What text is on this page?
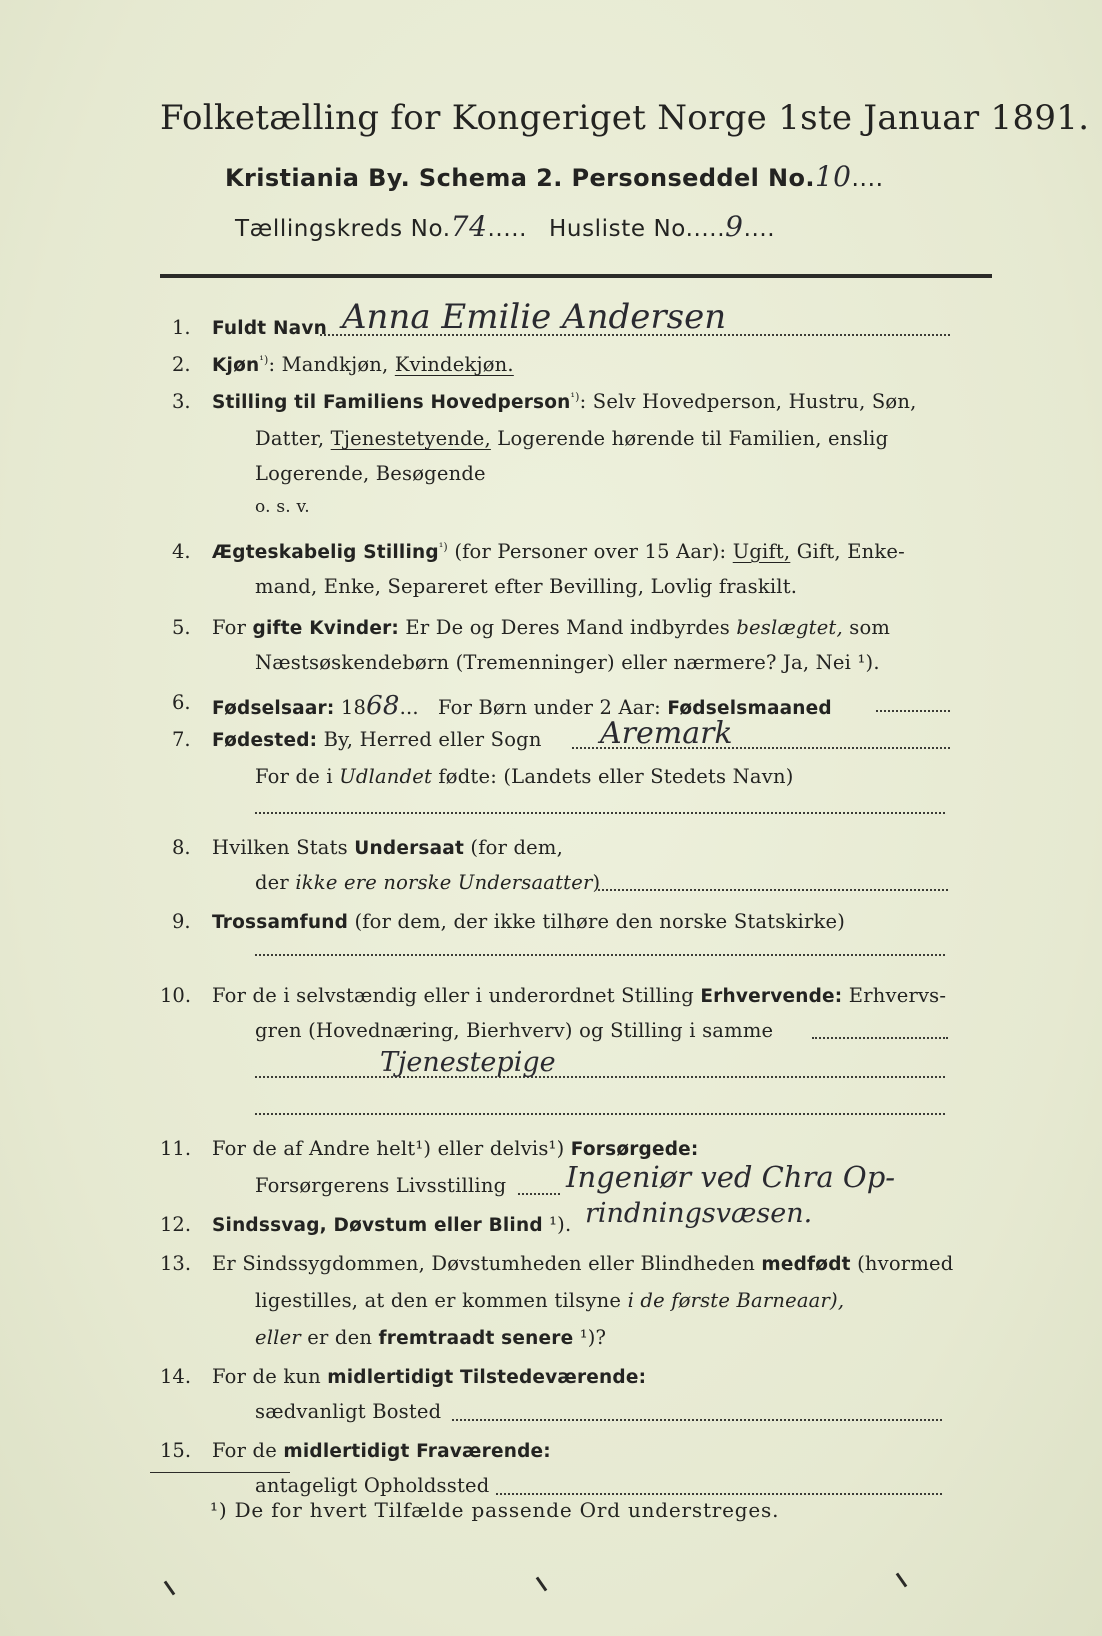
Folketælling for Kongeriget Norge 1ste Januar 1891.
Kristiania By. Schema 2. Personseddel No.10....
Tællingskreds No.74..... Husliste No.....9....
1. Fuldt Navn Anna Emilie Andersen
2. Kjøn$^{^1)}$: Mandkjøn, Kvindekjøn.
3. Stilling til Familiens Hovedperson$^{^1)}$: Selv Hovedperson, Hustru, Søn,
Datter, Tjenestetyende, Logerende hørende til Familien, enslig
Logerende, Besøgende
o. s. v.
4. Ægteskabelig Stilling$^{^1)}$ (for Personer over 15 Aar): Ugift, Gift, Enke-
mand, Enke, Separeret efter Bevilling, Lovlig fraskilt.
5. For gifte Kvinder: Er De og Deres Mand indbyrdes beslægtet, som
Næstsøskendebørn (Tremenninger) eller nærmere? Ja, Nei ¹).
6. Fødselsaar: 1868...   For Børn under 2 Aar: Fødselsmaaned
7. Fødested: By, Herred eller Sogn Aremark
For de i Udlandet fødte: (Landets eller Stedets Navn)
8. Hvilken Stats Undersaat (for dem,
der ikke ere norske Undersaatter)
9. Trossamfund (for dem, der ikke tilhøre den norske Statskirke)
10. For de i selvstændig eller i underordnet Stilling Erhvervende: Erhvervs-
gren (Hovednæring, Bierhverv) og Stilling i samme
Tjenestepige
11. For de af Andre helt¹) eller delvis¹) Forsørgede:
Forsørgerens Livsstilling Ingeniør ved Chra Op-
rindningsvæsen.
12. Sindssvag, Døvstum eller Blind ¹).
13. Er Sindssygdommen, Døvstumheden eller Blindheden medfødt (hvormed
ligestilles, at den er kommen tilsyne i de første Barneaar),
eller er den fremtraadt senere ¹)?
14. For de kun midlertidigt Tilstedeværende:
sædvanligt Bosted
15. For de midlertidigt Fraværende:
antageligt Opholdssted
¹) De for hvert Tilfælde passende Ord understreges.
